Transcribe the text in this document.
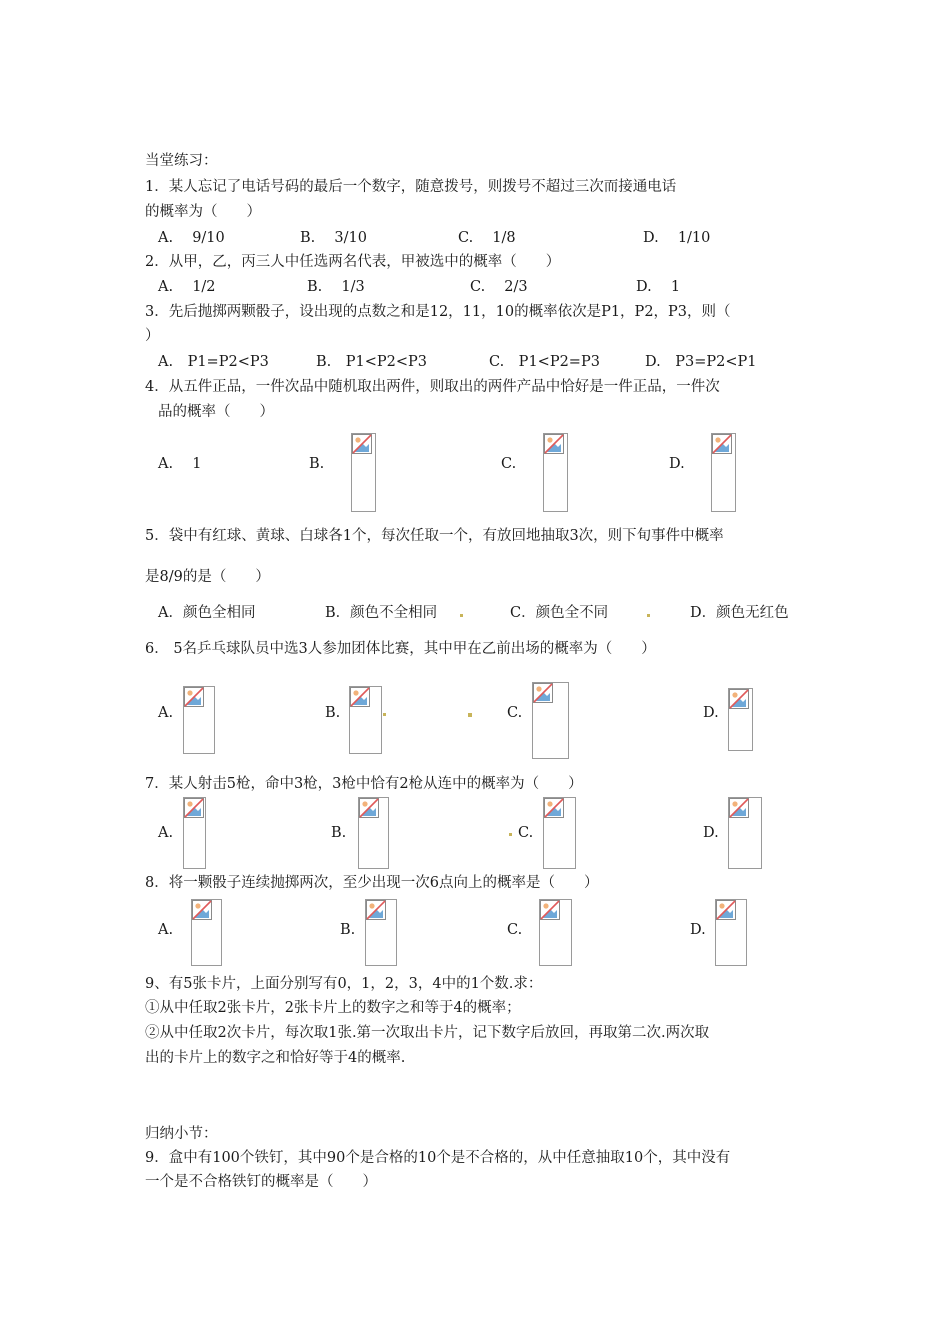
当堂练习：
1．某人忘记了电话号码的最后一个数字，随意拨号，则拨号不超过三次而接通电话
的概率为（　　）
A.　 9/10	B.　 3/10	C.　 1/8	D.　 1/10
2．从甲，乙，丙三人中任选两名代表，甲被选中的概率（　　）
A.　 1/2	B.　 1/3	C.　 2/3	D.　 1
3．先后抛掷两颗骰子，设出现的点数之和是12，11，10的概率依次是P1，P2，P3，则（
）
A.　P1=P2<P3	B.　P1<P2<P3	C.　P1<P2=P3	D.　P3=P2<P1
4．从五件正品，一件次品中随机取出两件，则取出的两件产品中恰好是一件正品，一件次
品的概率（　　）
A.　 1	B.	C.	D.
5．袋中有红球、黄球、白球各1个，每次任取一个，有放回地抽取3次，则下旬事件中概率
是8/9的是（　　）
A．颜色全相同	B．颜色不全相同	C．颜色全不同	D．颜色无红色
6． 5名乒乓球队员中选3人参加团体比赛，其中甲在乙前出场的概率为（　　）
A.	B.	C.	D.
7．某人射击5枪，命中3枪，3枪中恰有2枪从连中的概率为（　　）
A.	B.	C.	D.
8．将一颗骰子连续抛掷两次，至少出现一次6点向上的概率是（　　）
A.	B.	C.	D.
9、有5张卡片，上面分别写有0，1，2，3，4中的1个数.求：
①从中任取2张卡片，2张卡片上的数字之和等于4的概率；
②从中任取2次卡片，每次取1张.第一次取出卡片，记下数字后放回，再取第二次.两次取
出的卡片上的数字之和恰好等于4的概率.
归纳小节：
9．盒中有100个铁钉，其中90个是合格的10个是不合格的，从中任意抽取10个，其中没有
一个是不合格铁钉的概率是（　　）
